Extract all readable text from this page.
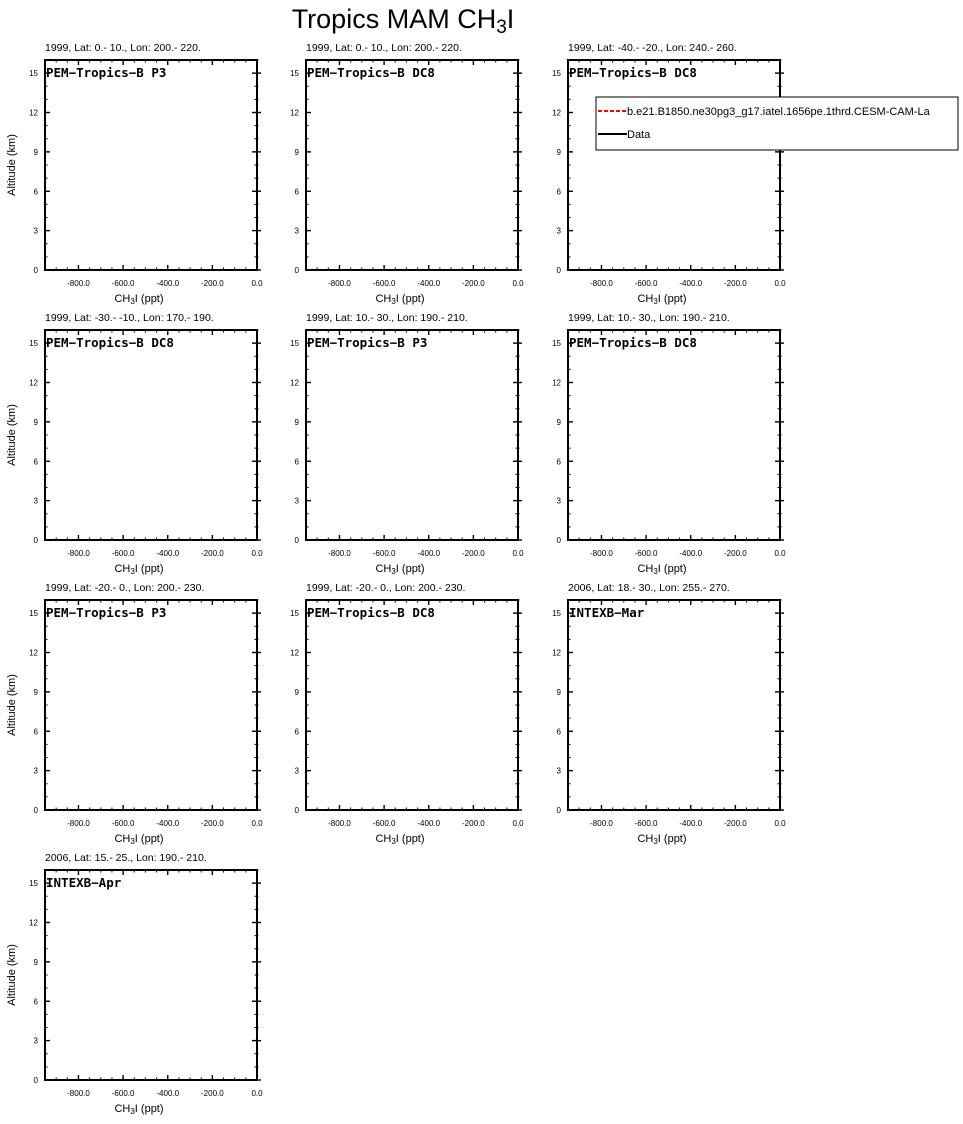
Tropics MAM CH3I
1999, Lat: 0.- 10., Lon: 200.- 220.
PEM−Tropics−B P3
0
3
6
9
12
15
-800.0	-600.0	-400.0	-200.0	0.0
CH3I (ppt)
Altitude (km)
1999, Lat: 0.- 10., Lon: 200.- 220.
PEM−Tropics−B DC8
0
3
6
9
12
15
-800.0	-600.0	-400.0	-200.0	0.0
CH3I (ppt)
1999, Lat: -40.- -20., Lon: 240.- 260.
PEM−Tropics−B DC8
0
3
6
9
12
15
-800.0	-600.0	-400.0	-200.0	0.0
CH3I (ppt)
b.e21.B1850.ne30pg3_g17.iatel.1656pe.1thrd.CESM-CAM-La
Data
1999, Lat: -30.- -10., Lon: 170.- 190.
PEM−Tropics−B DC8
0
3
6
9
12
15
-800.0	-600.0	-400.0	-200.0	0.0
CH3I (ppt)
Altitude (km)
1999, Lat: 10.- 30., Lon: 190.- 210.
PEM−Tropics−B P3
0
3
6
9
12
15
-800.0	-600.0	-400.0	-200.0	0.0
CH3I (ppt)
1999, Lat: 10.- 30., Lon: 190.- 210.
PEM−Tropics−B DC8
0
3
6
9
12
15
-800.0	-600.0	-400.0	-200.0	0.0
CH3I (ppt)
1999, Lat: -20.- 0., Lon: 200.- 230.
PEM−Tropics−B P3
0
3
6
9
12
15
-800.0	-600.0	-400.0	-200.0	0.0
CH3I (ppt)
Altitude (km)
1999, Lat: -20.- 0., Lon: 200.- 230.
PEM−Tropics−B DC8
0
3
6
9
12
15
-800.0	-600.0	-400.0	-200.0	0.0
CH3I (ppt)
2006, Lat: 18.- 30., Lon: 255.- 270.
INTEXB−Mar
0
3
6
9
12
15
-800.0	-600.0	-400.0	-200.0	0.0
CH3I (ppt)
2006, Lat: 15.- 25., Lon: 190.- 210.
INTEXB−Apr
0
3
6
9
12
15
-800.0	-600.0	-400.0	-200.0	0.0
CH3I (ppt)
Altitude (km)
